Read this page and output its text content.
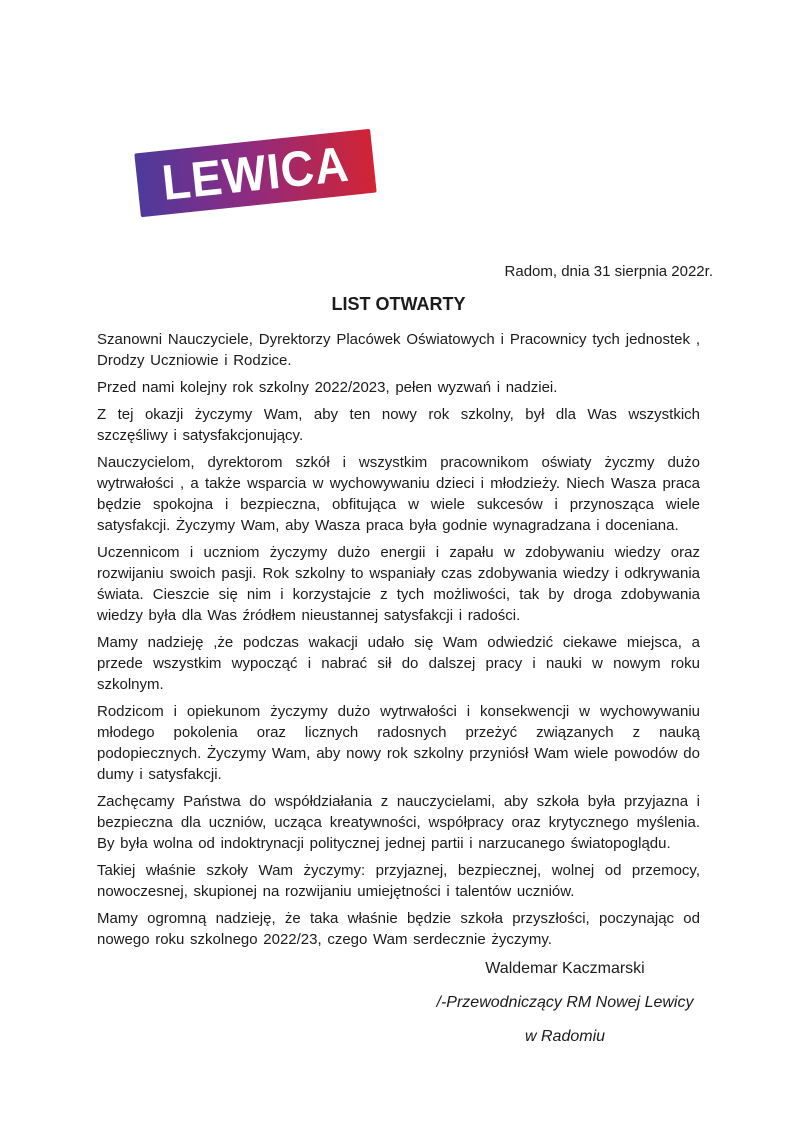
LEWICA
Radom, dnia 31 sierpnia 2022r.
LIST OTWARTY

Szanowni Nauczyciele, Dyrektorzy Placówek Oświatowych i Pracownicy tych jednostek , Drodzy Uczniowie i Rodzice.

Przed nami kolejny rok szkolny 2022/2023, pełen wyzwań i nadziei.

Z tej okazji życzymy Wam, aby ten nowy rok szkolny, był dla Was wszystkich szczęśliwy i satysfakcjonujący.

Nauczycielom, dyrektorom szkół i wszystkim pracownikom oświaty życzmy dużo wytrwałości , a także wsparcia w wychowywaniu dzieci i młodzieży. Niech Wasza praca będzie spokojna i bezpieczna, obfitująca w wiele sukcesów i przynosząca wiele satysfakcji. Życzymy Wam, aby Wasza praca była godnie wynagradzana i doceniana.

Uczennicom i uczniom życzymy dużo energii i zapału w zdobywaniu wiedzy oraz rozwijaniu swoich pasji. Rok szkolny to wspaniały czas zdobywania wiedzy i odkrywania świata. Cieszcie się nim i korzystajcie z tych możliwości, tak by droga zdobywania wiedzy była dla Was źródłem nieustannej satysfakcji i radości.

Mamy nadzieję ,że podczas wakacji udało się Wam odwiedzić ciekawe miejsca, a przede wszystkim wypocząć i nabrać sił do dalszej pracy i nauki w nowym roku szkolnym.

Rodzicom i opiekunom życzymy dużo wytrwałości i konsekwencji w wychowywaniu młodego pokolenia oraz licznych radosnych przeżyć związanych z nauką podopiecznych. Życzymy Wam, aby nowy rok szkolny przyniósł Wam wiele powodów do dumy i satysfakcji.

Zachęcamy Państwa do współdziałania z nauczycielami, aby szkoła była przyjazna i bezpieczna dla uczniów, ucząca kreatywności, współpracy oraz krytycznego myślenia. By była wolna od indoktrynacji politycznej jednej partii i narzucanego światopoglądu.

Takiej właśnie szkoły Wam życzymy: przyjaznej, bezpiecznej, wolnej od przemocy, nowoczesnej, skupionej na rozwijaniu umiejętności i talentów uczniów.

Mamy ogromną nadzieję, że taka właśnie będzie szkoła przyszłości, poczynając od nowego roku szkolnego 2022/23, czego Wam serdecznie życzymy.

Waldemar Kaczmarski
/-Przewodniczący RM Nowej Lewicy
w Radomiu
